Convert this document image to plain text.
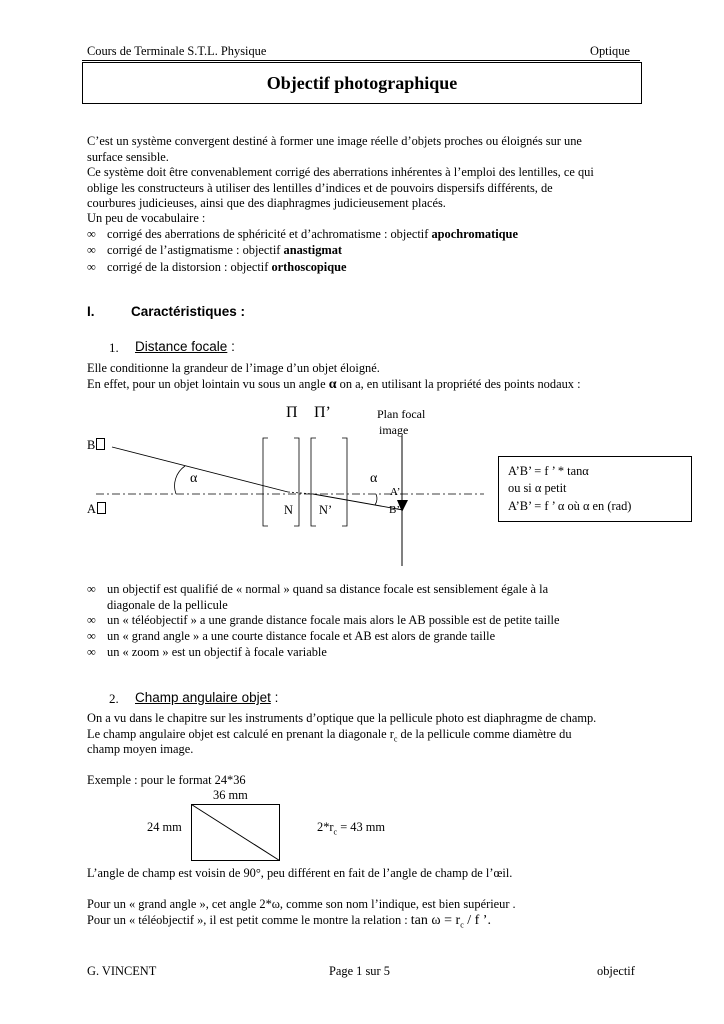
Cours de Terminale S.T.L. Physique	Optique
Objectif photographique
C’est un système convergent destiné à former une image réelle d’objets proches ou éloignés sur une
surface sensible.
Ce système doit être convenablement corrigé des aberrations inhérentes à l’emploi des lentilles, ce qui
oblige les constructeurs à utiliser des lentilles d’indices et de pouvoirs dispersifs différents, de
courbures judicieuses, ainsi que des diaphragmes judicieusement placés.
Un peu de vocabulaire :
∞ corrigé des aberrations de sphéricité et d’achromatisme : objectif apochromatique
∞ corrigé de l’astigmatisme : objectif anastigmat
∞ corrigé de la distorsion : objectif orthoscopique
I.	Caractéristiques :
1. Distance focale :
Elle conditionne la grandeur de l’image d’un objet éloigné.
En effet, pour un objet lointain vu sous un angle α on a, en utilisant la propriété des points nodaux :
Π Π’	Plan focal
image
B
A
α	α
N N’
A’
B’
A’B’ = f ’ * tanα
ou si α petit
A’B’ = f ’ α où α en (rad)
∞ un objectif est qualifié de « normal » quand sa distance focale est sensiblement égale à la
diagonale de la pellicule
∞ un « téléobjectif » a une grande distance focale mais alors le AB possible est de petite taille
∞ un « grand angle » a une courte distance focale et AB est alors de grande taille
∞ un « zoom » est un objectif à focale variable
2. Champ angulaire objet :
On a vu dans le chapitre sur les instruments d’optique que la pellicule photo est diaphragme de champ.
Le champ angulaire objet est calculé en prenant la diagonale $r_c$ de la pellicule comme diamètre du
champ moyen image.
Exemple : pour le format 24*36
36 mm
24 mm	$2*r_c = 43$ mm
L’angle de champ est voisin de 90°, peu différent en fait de l’angle de champ de l’œil.
Pour un « grand angle », cet angle 2*ω, comme son nom l’indique, est bien supérieur .
Pour un « téléobjectif », il est petit comme le montre la relation : $\tan \omega = r_c / f$ ’.
G. VINCENT	Page 1 sur 5	objectif
